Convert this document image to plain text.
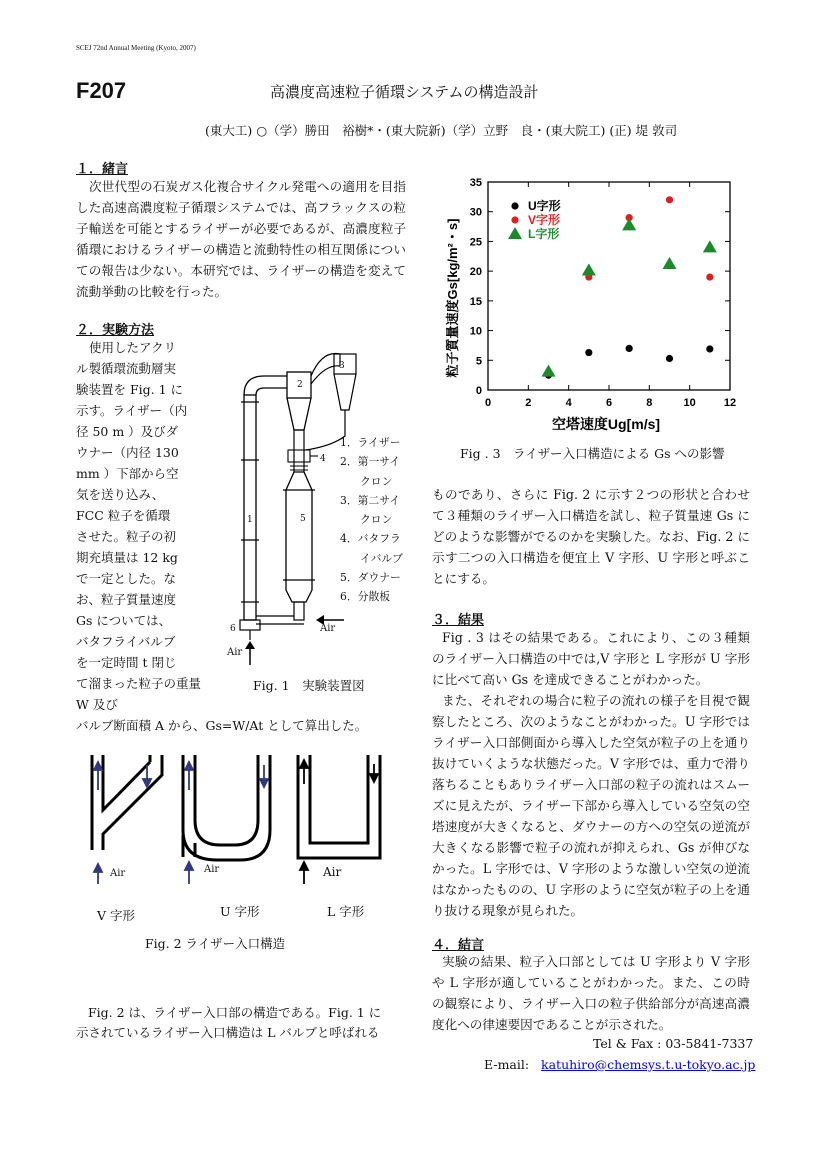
SCEJ 72nd Annual Meeting (Kyoto, 2007)
F207	高濃度高速粒子循環システムの構造設計
(東大工) ○（学）勝田　裕樹*・(東大院新)（学）立野　良・(東大院工) (正) 堤 敦司
１．緒言
次世代型の石炭ガス化複合サイクル発電への適用を目指した高速高濃度粒子循環システムでは、高フラックスの粒子輸送を可能とするライザーが必要であるが、高濃度粒子循環におけるライザーの構造と流動特性の相互関係についての報告は少ない。本研究では、ライザーの構造を変えて流動挙動の比較を行った。
２．実験方法
使用したアクリ
ル製循環流動層実
験装置を Fig. 1 に
示す。ライザー（内
径 50 m ）及びダ
ウナー（内径 130
mm ）下部から空
気を送り込み、
FCC 粒子を循環
させた。粒子の初
期充填量は 12 kg
で一定とした。な
お、粒子質量速度
Gs については、
バタフライバルブ
を一定時間 t 閉じ
て溜まった粒子の重量
W 及び
バルブ断面積 A から、Gs=W/At として算出した。
1
2
3
4
5
6	Air
Air
1．ライザー
2．第一サイ
クロン
3．第二サイ
クロン
4．バタフラ
イバルブ
5．ダウナー
6．分散板
Fig. 1　実験装置図
Air	Air	Air
V 字形	U 字形	L 字形
Fig. 2 ライザー入口構造
Fig. 2 は、ライザー入口部の構造である。Fig. 1 に
示されているライザー入口構造は L バルブと呼ばれる
0	2	4	6	8	10	12
0
5
10
15
20
25
30
35
U字形
V字形
L字形
空塔速度Ug[m/s]
粒子質量速度Gs[kg/m²・s]
Fig . 3　ライザー入口構造による Gs への影響
ものであり、さらに Fig. 2 に示す２つの形状と合わせて３種類のライザー入口構造を試し、粒子質量速 Gs にどのような影響がでるのかを実験した。なお、Fig. 2 に示す二つの入口構造を便宜上 V 字形、U 字形と呼ぶことにする。
３．結果
Fig . 3 はその結果である。これにより、この３種類のライザー入口構造の中では,V 字形と L 字形が U 字形に比べて高い Gs を達成できることがわかった。
また、それぞれの場合に粒子の流れの様子を目視で観察したところ、次のようなことがわかった。U 字形ではライザー入口部側面から導入した空気が粒子の上を通り抜けていくような状態だった。V 字形では、重力で滑り落ちることもありライザー入口部の粒子の流れはスムーズに見えたが、ライザー下部から導入している空気の空塔速度が大きくなると、ダウナーの方への空気の逆流が大きくなる影響で粒子の流れが抑えられ、Gs が伸びなかった。L 字形では、V 字形のような激しい空気の逆流はなかったものの、U 字形のように空気が粒子の上を通り抜ける現象が見られた。
４．結言
実験の結果、粒子入口部としては U 字形より V 字形や L 字形が適していることがわかった。また、この時の観察により、ライザー入口の粒子供給部分が高速高濃度化への律速要因であることが示された。
Tel & Fax : 03-5841-7337
E-mail: katuhiro@chemsys.t.u-tokyo.ac.jp
